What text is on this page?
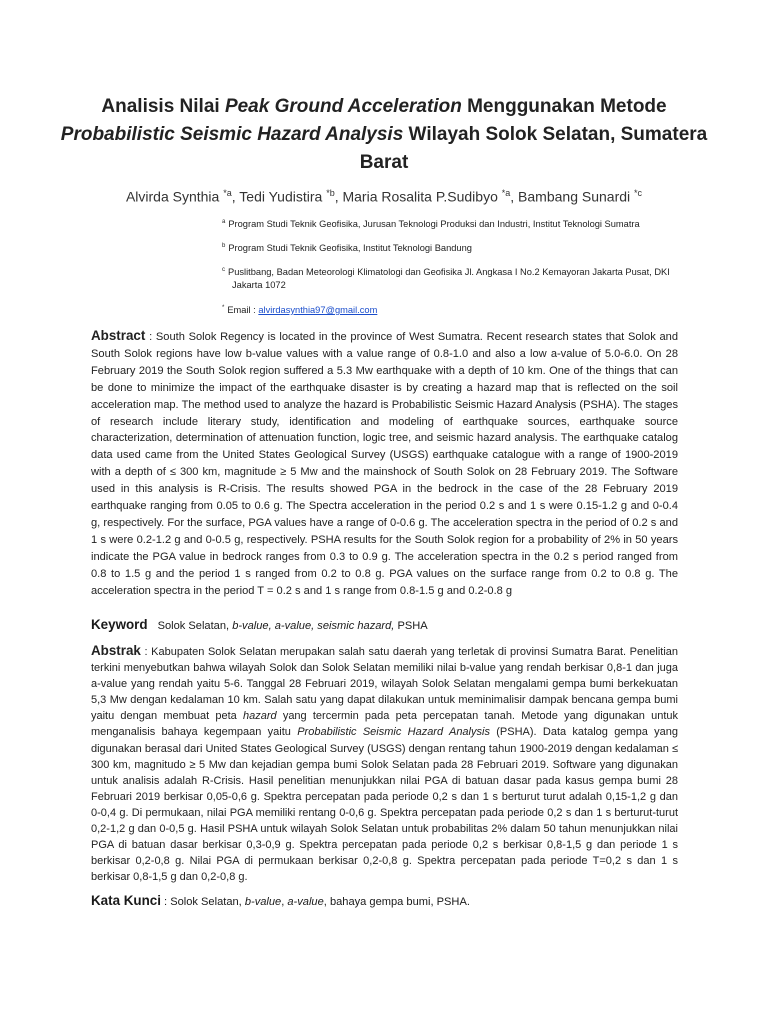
Analisis Nilai Peak Ground Acceleration Menggunakan Metode
Probabilistic Seismic Hazard Analysis Wilayah Solok Selatan, Sumatera
Barat
Alvirda Synthia $^{*a}$, Tedi Yudistira $^{*b}$, Maria Rosalita P.Sudibyo $^{*a}$, Bambang Sunardi $^{*c}$
$^a$ Program Studi Teknik Geofisika, Jurusan Teknologi Produksi dan Industri, Institut Teknologi Sumatra
$^b$ Program Studi Teknik Geofisika, Institut Teknologi Bandung
$^c$ Puslitbang, Badan Meteorologi Klimatologi dan Geofisika Jl. Angkasa I No.2 Kemayoran Jakarta Pusat, DKI
Jakarta 1072
* Email : alvirdasynthia97@gmail.com
Abstract : South Solok Regency is located in the province of West Sumatra. Recent research states that Solok and South Solok regions have low b-value values with a value range of 0.8-1.0 and also a low a-value of 5.0-6.0. On 28 February 2019 the South Solok region suffered a 5.3 Mw earthquake with a depth of 10 km. One of the things that can be done to minimize the impact of the earthquake disaster is by creating a hazard map that is reflected on the soil acceleration map. The method used to analyze the hazard is Probabilistic Seismic Hazard Analysis (PSHA). The stages of research include literary study, identification and modeling of earthquake sources, earthquake source characterization, determination of attenuation function, logic tree, and seismic hazard analysis. The earthquake catalog data used came from the United States Geological Survey (USGS) earthquake catalogue with a range of 1900-2019 with a depth of ≤ 300 km, magnitude ≥ 5 Mw and the mainshock of South Solok on 28 February 2019. The Software used in this analysis is R-Crisis. The results showed PGA in the bedrock in the case of the 28 February 2019 earthquake ranging from 0.05 to 0.6 g. The Spectra acceleration in the period 0.2 s and 1 s were 0.15-1.2 g and 0-0.4 g, respectively. For the surface, PGA values have a range of 0-0.6 g. The acceleration spectra in the period of 0.2 s and 1 s were 0.2-1.2 g and 0-0.5 g, respectively. PSHA results for the South Solok region for a probability of 2% in 50 years indicate the PGA value in bedrock ranges from 0.3 to 0.9 g. The acceleration spectra in the 0.2 s period ranged from 0.8 to 1.5 g and the period 1 s ranged from 0.2 to 0.8 g. PGA values on the surface range from 0.2 to 0.8 g. The acceleration spectra in the period T = 0.2 s and 1 s range from 0.8-1.5 g and 0.2-0.8 g
Keyword Solok Selatan, b-value, a-value, seismic hazard, PSHA
Abstrak : Kabupaten Solok Selatan merupakan salah satu daerah yang terletak di provinsi Sumatra Barat. Penelitian terkini menyebutkan bahwa wilayah Solok dan Solok Selatan memiliki nilai b-value yang rendah berkisar 0,8-1 dan juga a-value yang rendah yaitu 5-6. Tanggal 28 Februari 2019, wilayah Solok Selatan mengalami gempa bumi berkekuatan 5,3 Mw dengan kedalaman 10 km. Salah satu yang dapat dilakukan untuk meminimalisir dampak bencana gempa bumi yaitu dengan membuat peta hazard yang tercermin pada peta percepatan tanah. Metode yang digunakan untuk menganalisis bahaya kegempaan yaitu Probabilistic Seismic Hazard Analysis (PSHA). Data katalog gempa yang digunakan berasal dari United States Geological Survey (USGS) dengan rentang tahun 1900-2019 dengan kedalaman ≤ 300 km, magnitudo ≥ 5 Mw dan kejadian gempa bumi Solok Selatan pada 28 Februari 2019. Software yang digunakan untuk analisis adalah R-Crisis. Hasil penelitian menunjukkan nilai PGA di batuan dasar pada kasus gempa bumi 28 Februari 2019 berkisar 0,05-0,6 g. Spektra percepatan pada periode 0,2 s dan 1 s berturut turut adalah 0,15-1,2 g dan 0-0,4 g. Di permukaan, nilai PGA memiliki rentang 0-0,6 g. Spektra percepatan pada periode 0,2 s dan 1 s berturut-turut 0,2-1,2 g dan 0-0,5 g. Hasil PSHA untuk wilayah Solok Selatan untuk probabilitas 2% dalam 50 tahun menunjukkan nilai PGA di batuan dasar berkisar 0,3-0,9 g. Spektra percepatan pada periode 0,2 s berkisar 0,8-1,5 g dan periode 1 s berkisar 0,2-0,8 g. Nilai PGA di permukaan berkisar 0,2-0,8 g. Spektra percepatan pada periode T=0,2 s dan 1 s berkisar 0,8-1,5 g dan 0,2-0,8 g.
Kata Kunci : Solok Selatan, b-value, a-value, bahaya gempa bumi, PSHA.
